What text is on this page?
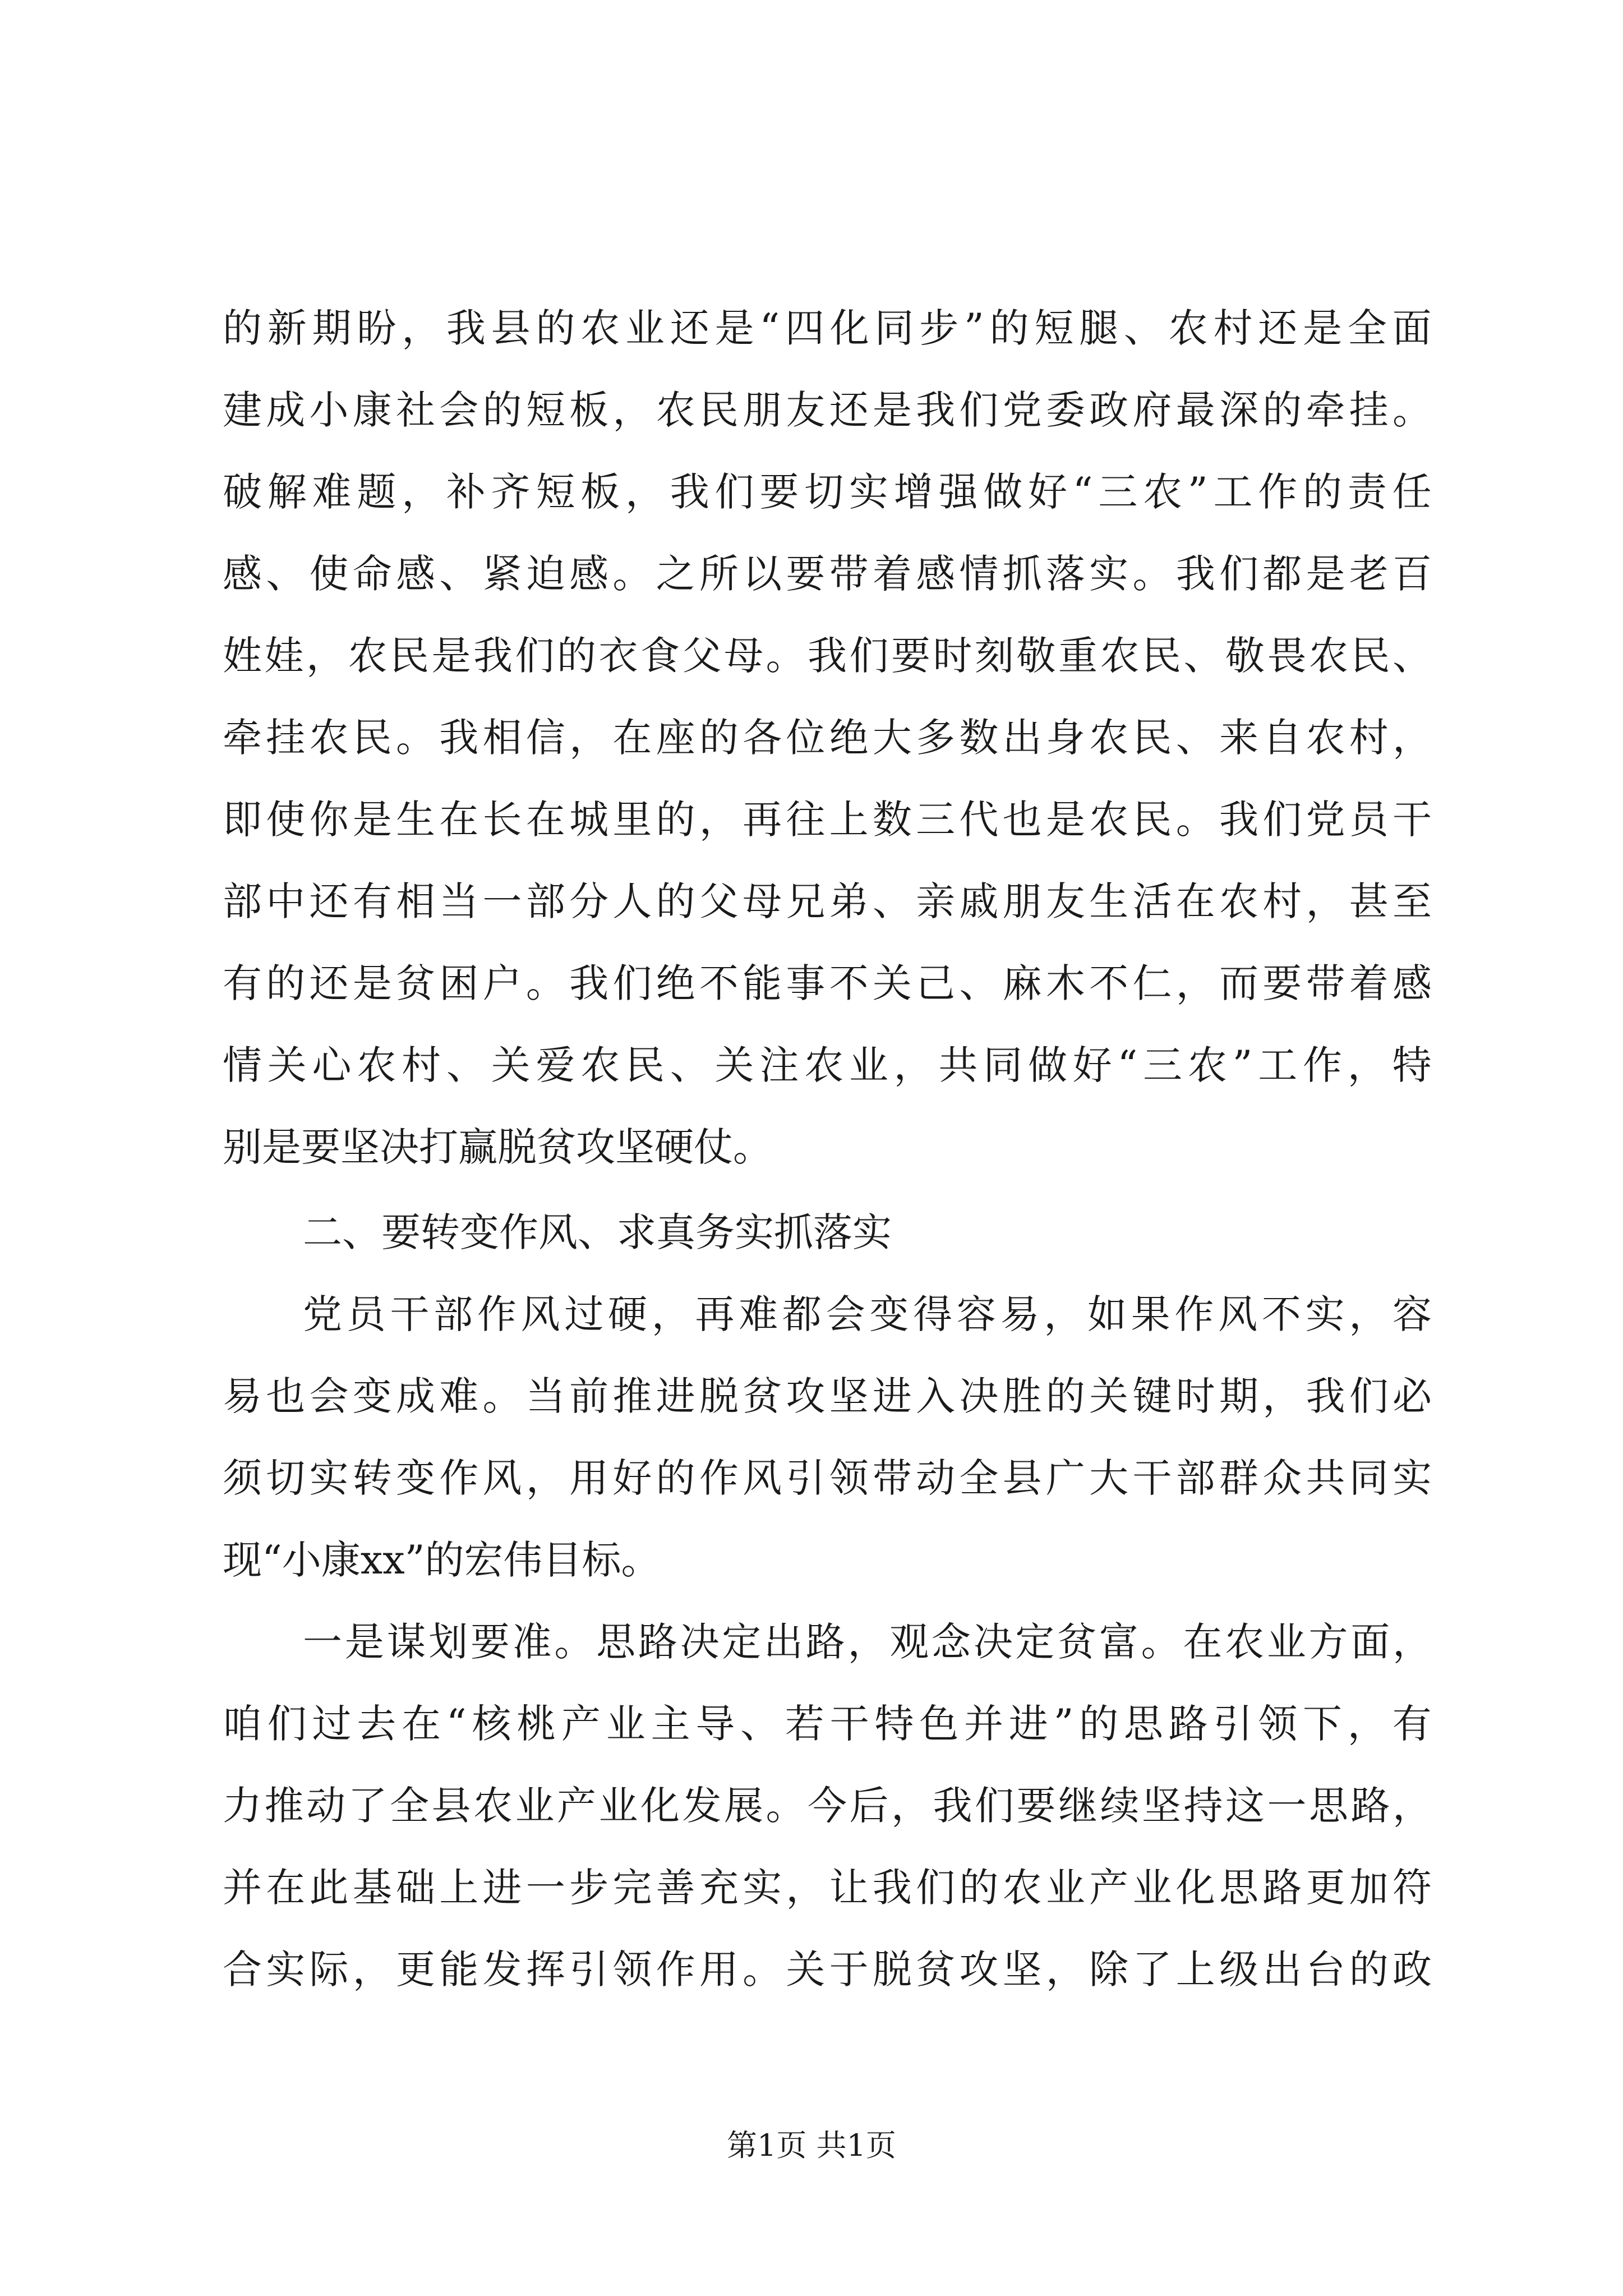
的新期盼，我县的农业还是“四化同步”的短腿、农村还是全面
建成小康社会的短板，农民朋友还是我们党委政府最深的牵挂。
破解难题，补齐短板，我们要切实增强做好“三农”工作的责任
感、使命感、紧迫感。之所以要带着感情抓落实。我们都是老百
姓娃，农民是我们的衣食父母。我们要时刻敬重农民、敬畏农民、
牵挂农民。我相信，在座的各位绝大多数出身农民、来自农村，
即使你是生在长在城里的，再往上数三代也是农民。我们党员干
部中还有相当一部分人的父母兄弟、亲戚朋友生活在农村，甚至
有的还是贫困户。我们绝不能事不关己、麻木不仁，而要带着感
情关心农村、关爱农民、关注农业，共同做好“三农”工作，特
别是要坚决打赢脱贫攻坚硬仗。
二、要转变作风、求真务实抓落实
党员干部作风过硬，再难都会变得容易，如果作风不实，容
易也会变成难。当前推进脱贫攻坚进入决胜的关键时期，我们必
须切实转变作风，用好的作风引领带动全县广大干部群众共同实
现“小康xx”的宏伟目标。
一是谋划要准。思路决定出路，观念决定贫富。在农业方面，
咱们过去在“核桃产业主导、若干特色并进”的思路引领下，有
力推动了全县农业产业化发展。今后，我们要继续坚持这一思路，
并在此基础上进一步完善充实，让我们的农业产业化思路更加符
合实际，更能发挥引领作用。关于脱贫攻坚，除了上级出台的政
第1页 共1页
